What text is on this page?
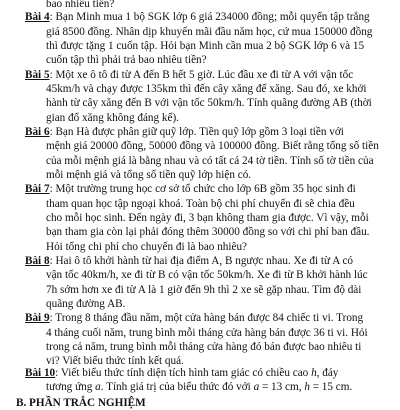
bao nhiêu tiền?
Bài 4: Bạn Minh mua 1 bộ SGK lớp 6 giá 234000 đồng; mỗi quyển tập trắng
giá 8500 đồng. Nhân dịp khuyến mãi đầu năm học, cứ mua 150000 đồng
thì được tặng 1 cuốn tập. Hỏi bạn Minh cần mua 2 bộ SGK lớp 6 và 15
cuốn tập thì phải trả bao nhiêu tiền?
Bài 5: Một xe ô tô đi từ A đến B hết 5 giờ. Lúc đầu xe đi từ A với vận tốc
45km/h và chạy được 135km thì đến cây xăng để xăng. Sau đó, xe khởi
hành từ cây xăng đến B với vận tốc 50km/h. Tính quãng đường AB (thời
gian đổ xăng không đáng kể).
Bài 6: Bạn Hà được phân giữ quỹ lớp. Tiền quỹ lớp gồm 3 loại tiền với
mệnh giá 20000 đồng, 50000 đồng và 100000 đồng. Biết rằng tổng số tiền
của mỗi mệnh giá là bằng nhau và có tất cả 24 tờ tiền. Tính số tờ tiền của
mỗi mệnh giá và tổng số tiền quỹ lớp hiện có.
Bài 7: Một trường trung học cơ sở tổ chức cho lớp 6B gồm 35 học sinh đi
tham quan học tập ngoại khoá. Toàn bộ chi phí chuyến đi sẽ chia đều
cho mỗi học sinh. Đến ngày đi, 3 bạn không tham gia được. Vì vậy, mỗi
bạn tham gia còn lại phải đóng thêm 30000 đồng so với chi phí ban đầu.
Hỏi tổng chi phí cho chuyến đi là bao nhiêu?
Bài 8: Hai ô tô khởi hành từ hai địa điểm A, B ngược nhau. Xe đi từ A có
vận tốc 40km/h, xe đi từ B có vận tốc 50km/h. Xe đi từ B khởi hành lúc
7h sớm hơn xe đi từ A là 1 giờ đến 9h thì 2 xe sẽ gặp nhau. Tìm độ dài
quãng đường AB.
Bài 9: Trong 8 tháng đầu năm, một cửa hàng bán được 84 chiếc ti vi. Trong
4 tháng cuối năm, trung bình mỗi tháng cửa hàng bán được 36 ti vi. Hỏi
trong cả năm, trung bình mỗi tháng cửa hàng đó bán được bao nhiêu ti
vi? Viết biểu thức tính kết quả.
Bài 10: Viết biểu thức tính diện tích hình tam giác có chiều cao h, đáy
tương ứng a. Tính giá trị của biểu thức đó với a = 13 cm, h = 15 cm.
B. PHẦN TRẮC NGHIỆM
